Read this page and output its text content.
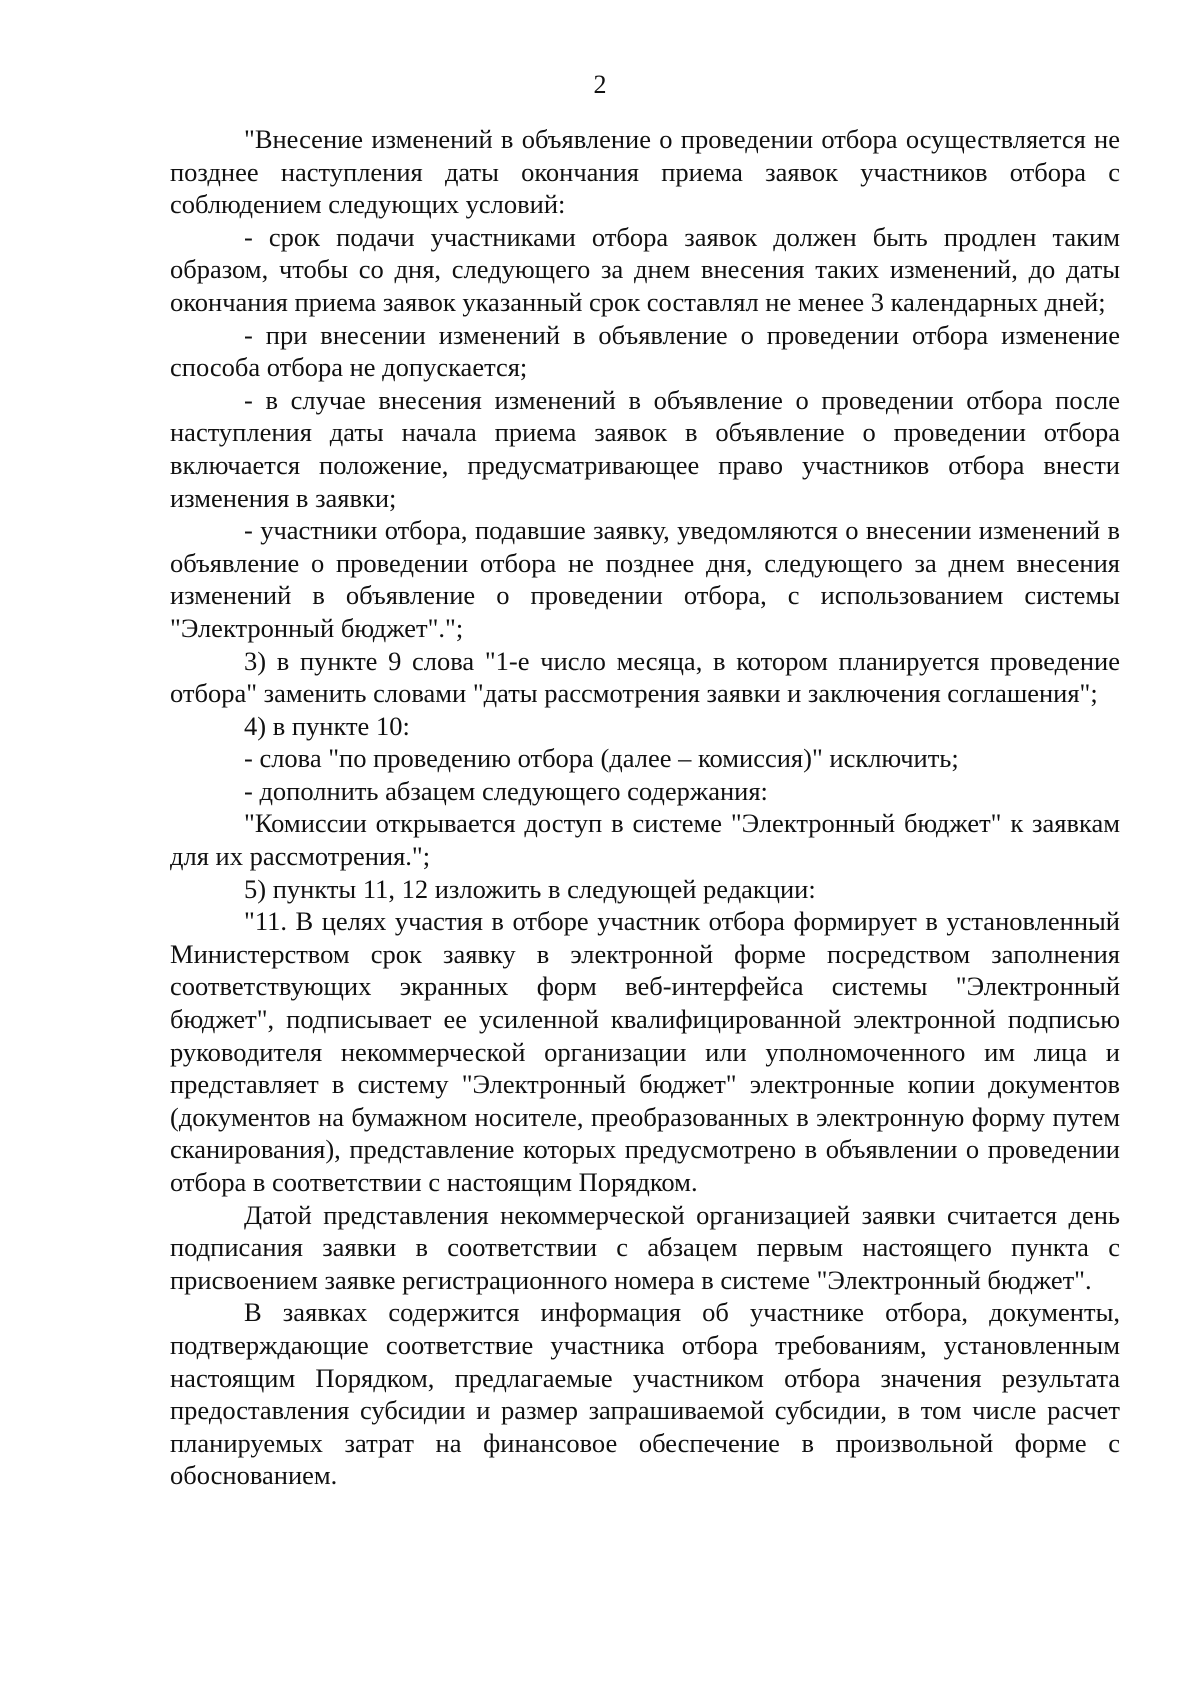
2

"Внесение изменений в объявление о проведении отбора осуществляется не позднее наступления даты окончания приема заявок участников отбора с соблюдением следующих условий:

- срок подачи участниками отбора заявок должен быть продлен таким образом, чтобы со дня, следующего за днем внесения таких изменений, до даты окончания приема заявок указанный срок составлял не менее 3 календарных дней;

- при внесении изменений в объявление о проведении отбора изменение способа отбора не допускается;

- в случае внесения изменений в объявление о проведении отбора после наступления даты начала приема заявок в объявление о проведении отбора включается положение, предусматривающее право участников отбора внести изменения в заявки;

- участники отбора, подавшие заявку, уведомляются о внесении изменений в объявление о проведении отбора не позднее дня, следующего за днем внесения изменений в объявление о проведении отбора, с использованием системы "Электронный бюджет".";

3) в пункте 9 слова "1-е число месяца, в котором планируется проведение отбора" заменить словами "даты рассмотрения заявки и заключения соглашения";

4) в пункте 10:

- слова "по проведению отбора (далее – комиссия)" исключить;

- дополнить абзацем следующего содержания:

"Комиссии открывается доступ в системе "Электронный бюджет" к заявкам для их рассмотрения.";

5) пункты 11, 12 изложить в следующей редакции:

"11. В целях участия в отборе участник отбора формирует в установленный Министерством срок заявку в электронной форме посредством заполнения соответствующих экранных форм веб-интерфейса системы "Электронный бюджет", подписывает ее усиленной квалифицированной электронной подписью руководителя некоммерческой организации или уполномоченного им лица и представляет в систему "Электронный бюджет" электронные копии документов (документов на бумажном носителе, преобразованных в электронную форму путем сканирования), представление которых предусмотрено в объявлении о проведении отбора в соответствии с настоящим Порядком.

Датой представления некоммерческой организацией заявки считается день подписания заявки в соответствии с абзацем первым настоящего пункта с присвоением заявке регистрационного номера в системе "Электронный бюджет".

В заявках содержится информация об участнике отбора, документы, подтверждающие соответствие участника отбора требованиям, установленным настоящим Порядком, предлагаемые участником отбора значения результата предоставления субсидии и размер запрашиваемой субсидии, в том числе расчет планируемых затрат на финансовое обеспечение в произвольной форме с обоснованием.
